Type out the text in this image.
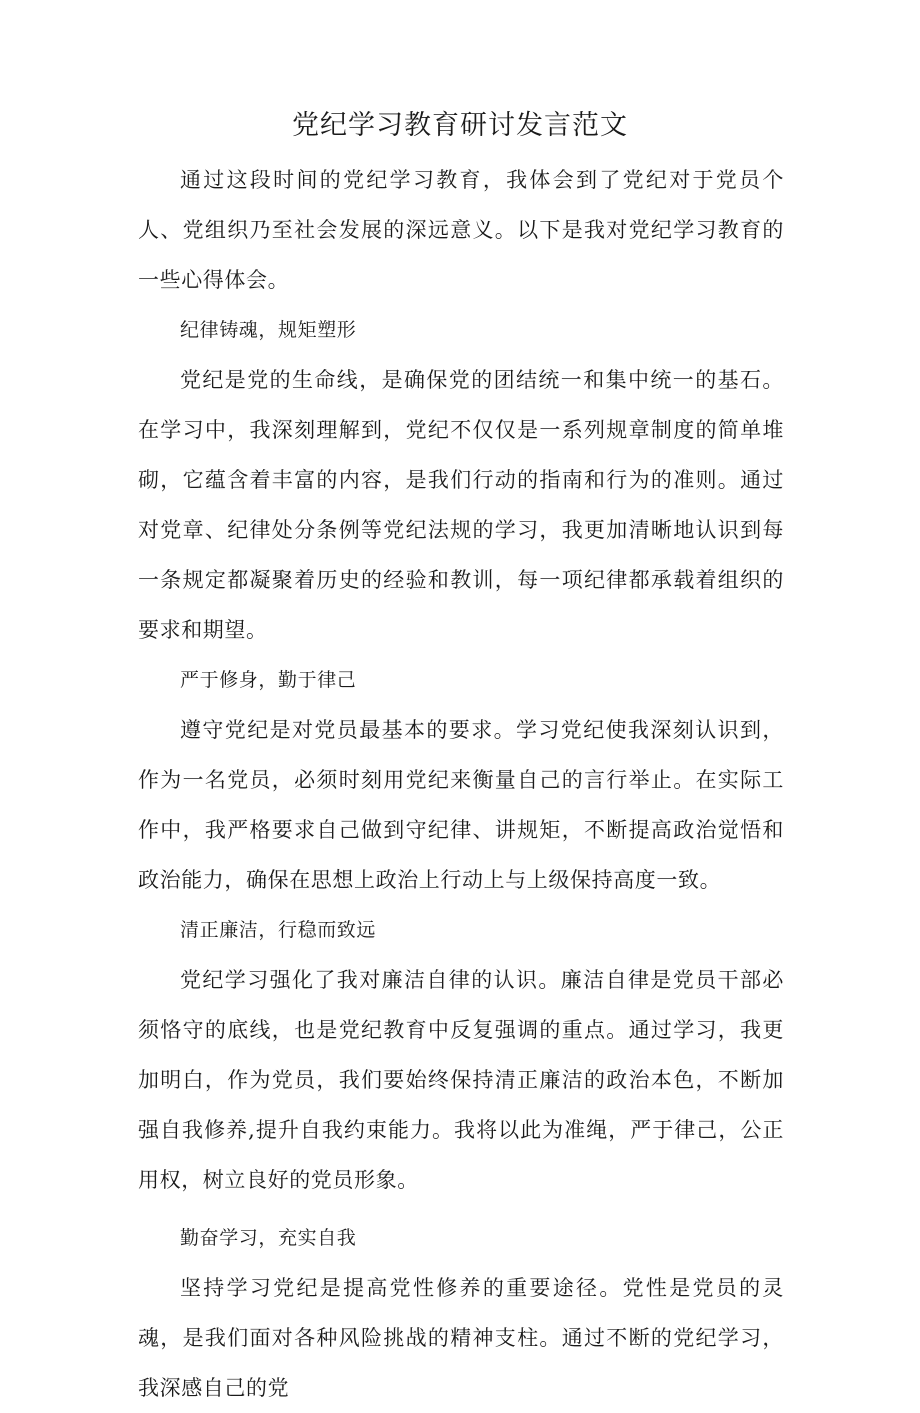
党纪学习教育研讨发言范文

通过这段时间的党纪学习教育，我体会到了党纪对于党员个人、党组织乃至社会发展的深远意义。以下是我对党纪学习教育的一些心得体会。

纪律铸魂，规矩塑形

党纪是党的生命线，是确保党的团结统一和集中统一的基石。在学习中，我深刻理解到，党纪不仅仅是一系列规章制度的简单堆砌，它蕴含着丰富的内容，是我们行动的指南和行为的准则。通过对党章、纪律处分条例等党纪法规的学习，我更加清晰地认识到每一条规定都凝聚着历史的经验和教训，每一项纪律都承载着组织的要求和期望。

严于修身，勤于律己

遵守党纪是对党员最基本的要求。学习党纪使我深刻认识到，作为一名党员，必须时刻用党纪来衡量自己的言行举止。在实际工作中，我严格要求自己做到守纪律、讲规矩，不断提高政治觉悟和政治能力，确保在思想上政治上行动上与上级保持高度一致。

清正廉洁，行稳而致远

党纪学习强化了我对廉洁自律的认识。廉洁自律是党员干部必须恪守的底线，也是党纪教育中反复强调的重点。通过学习，我更加明白，作为党员，我们要始终保持清正廉洁的政治本色，不断加强自我修养,提升自我约束能力。我将以此为准绳，严于律己，公正用权，树立良好的党员形象。

勤奋学习，充实自我

坚持学习党纪是提高党性修养的重要途径。党性是党员的灵魂，是我们面对各种风险挑战的精神支柱。通过不断的党纪学习，我深感自己的党
